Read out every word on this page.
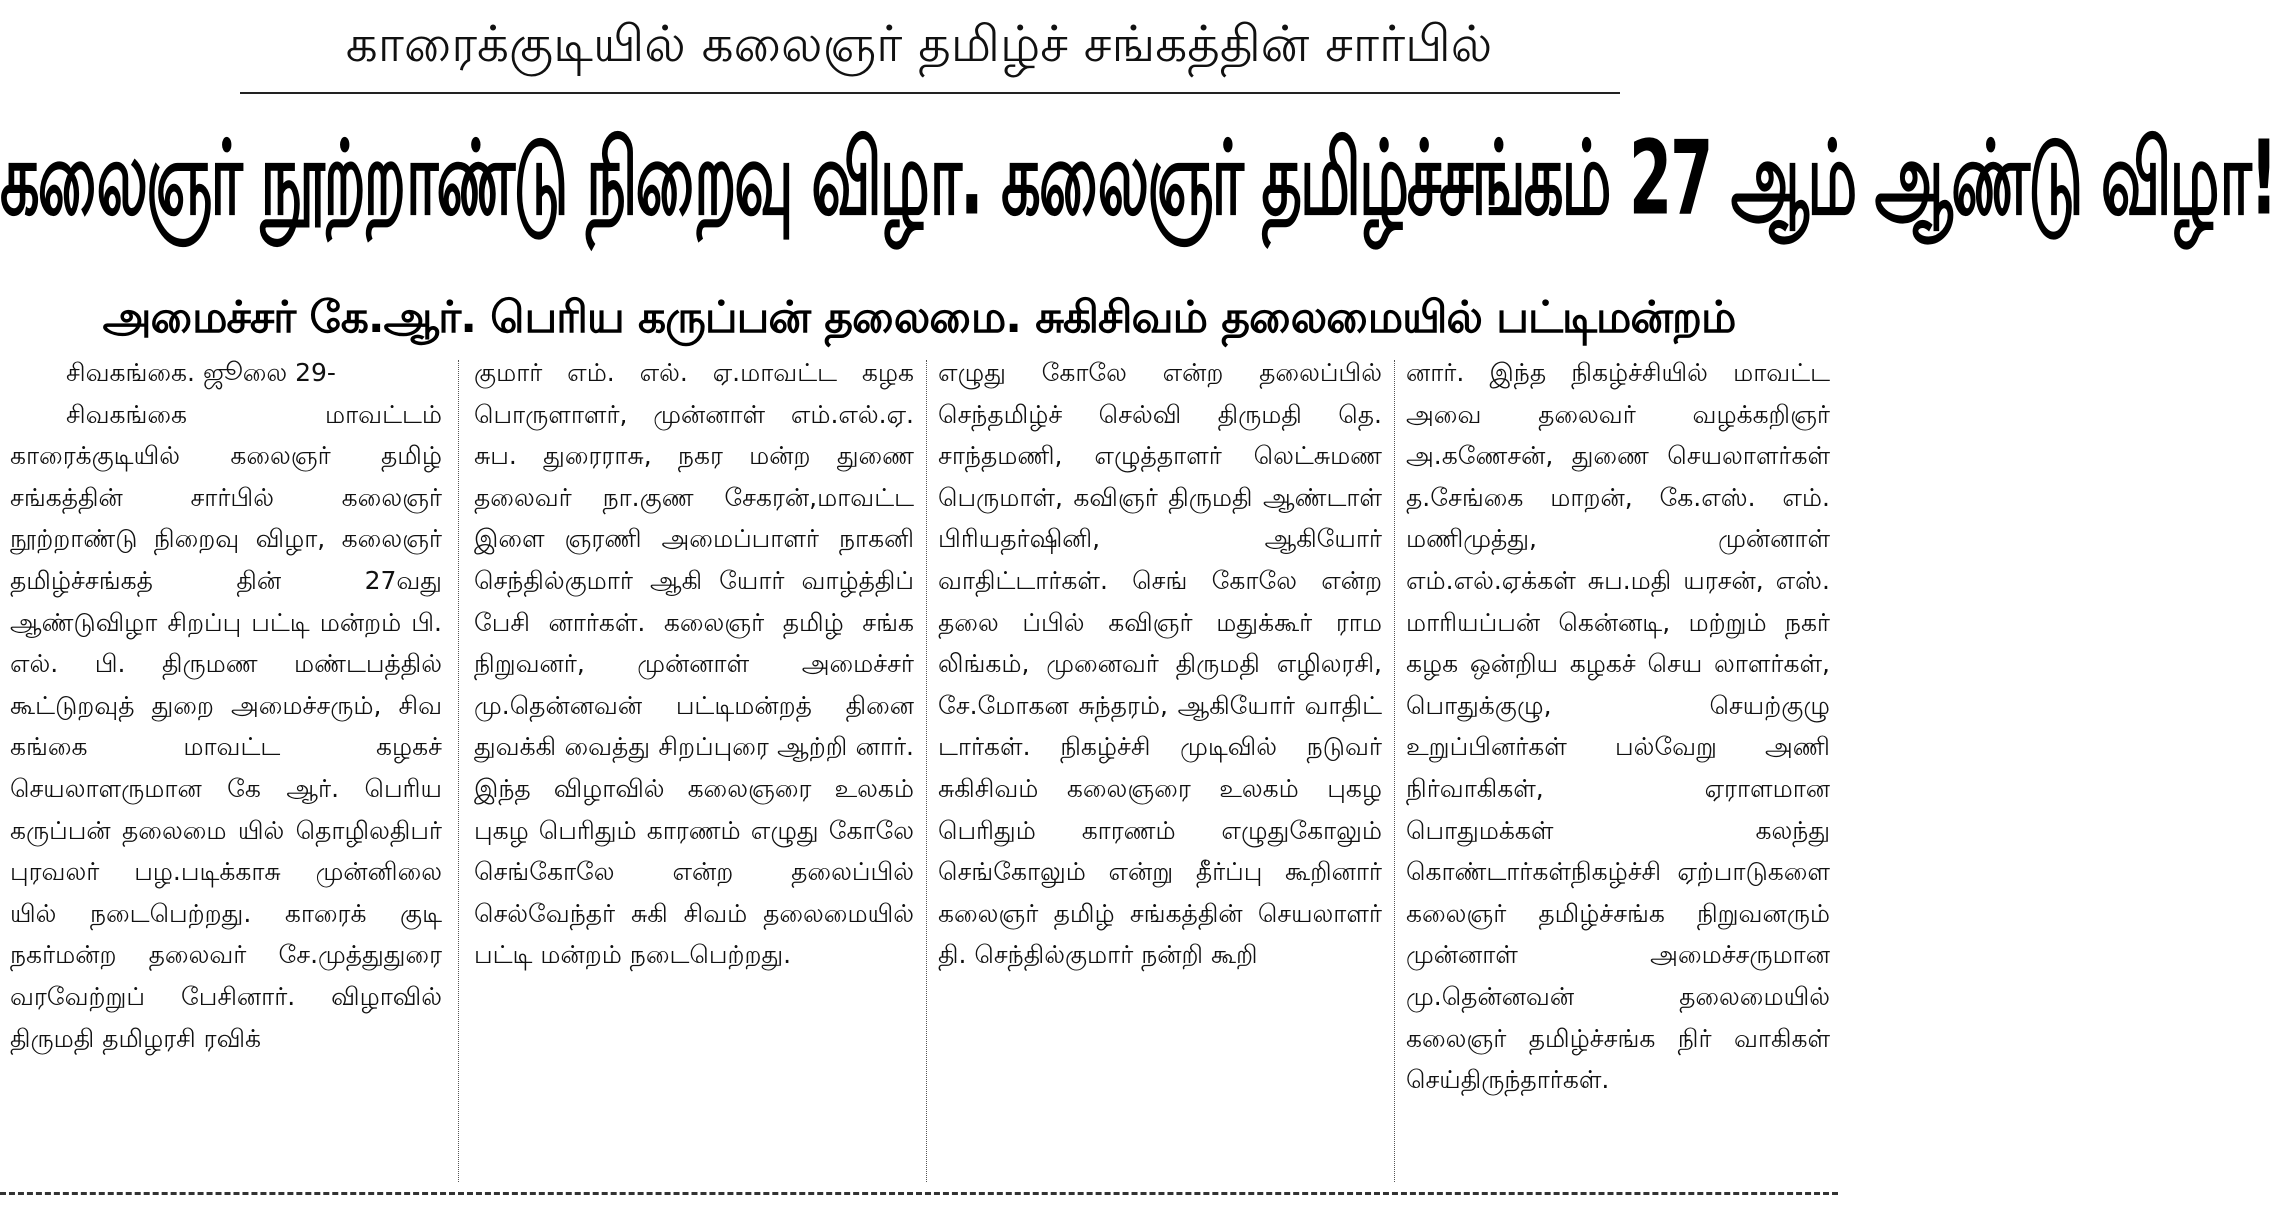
காரைக்குடியில் கலைஞர் தமிழ்ச் சங்கத்தின் சார்பில்
கலைஞர் நூற்றாண்டு நிறைவு விழா. கலைஞர் தமிழ்ச்சங்கம் 27 ஆம் ஆண்டு விழா!
அமைச்சர் கே.ஆர். பெரிய கருப்பன் தலைமை. சுகிசிவம் தலைமையில் பட்டிமன்றம்

சிவகங்கை. ஜூலை 29-

சிவகங்கை மாவட்டம் காரைக்குடியில் கலைஞர் தமிழ் சங்கத்தின் சார்பில் கலைஞர் நூற்றாண்டு நிறைவு விழா, கலைஞர் தமிழ்ச்சங்கத் தின் 27வது ஆண்டுவிழா சிறப்பு பட்டி மன்றம் பி. எல். பி. திருமண மண்டபத்தில் கூட்டுறவுத் துறை அமைச்சரும், சிவ கங்கை மாவட்ட கழகச் செயலாளருமான கே ஆர். பெரிய கருப்பன் தலைமை யில் தொழிலதிபர் புரவலர் பழ.படிக்காசு முன்னிலை யில் நடைபெற்றது. காரைக் குடி நகர்மன்ற தலைவர் சே.முத்துதுரை வரவேற்றுப் பேசினார். விழாவில் திருமதி தமிழரசி ரவிக்

குமார் எம். எல். ஏ.மாவட்ட கழக பொருளாளர், முன்னாள் எம்.எல்.ஏ. சுப. துரைராசு, நகர மன்ற துணை தலைவர் நா.குண சேகரன்,மாவட்ட இளை ஞரணி அமைப்பாளர் நாகனி செந்தில்குமார் ஆகி யோர் வாழ்த்திப் பேசி னார்கள். கலைஞர் தமிழ் சங்க நிறுவனர், முன்னாள் அமைச்சர் மு.தென்னவன் பட்டிமன்றத் தினை துவக்கி வைத்து சிறப்புரை ஆற்றி னார். இந்த விழாவில் கலைஞரை உலகம் புகழ பெரிதும் காரணம் எழுது கோலே செங்கோலே என்ற தலைப்பில் செல்வேந்தர் சுகி சிவம் தலைமையில் பட்டி மன்றம் நடைபெற்றது.

எழுது கோலே என்ற தலைப்பில் செந்தமிழ்ச் செல்வி திருமதி தெ. சாந்தமணி, எழுத்தாளர் லெட்சுமண பெருமாள், கவிஞர் திருமதி ஆண்டாள் பிரியதர்ஷினி, ஆகியோர் வாதிட்டார்கள். செங் கோலே என்ற தலை ப்பில் கவிஞர் மதுக்கூர் ராம லிங்கம், முனைவர் திருமதி எழிலரசி, சே.மோகன சுந்தரம், ஆகியோர் வாதிட் டார்கள். நிகழ்ச்சி முடிவில் நடுவர் சுகிசிவம் கலைஞரை உலகம் புகழ பெரிதும் காரணம் எழுதுகோலும் செங்கோலும் என்று தீர்ப்பு கூறினார் கலைஞர் தமிழ் சங்கத்தின் செயலாளர் தி. செந்தில்குமார் நன்றி கூறி

னார். இந்த நிகழ்ச்சியில் மாவட்ட அவை தலைவர் வழக்கறிஞர் அ.கணேசன், துணை செயலாளர்கள் த.சேங்கை மாறன், கே.எஸ். எம். மணிமுத்து, முன்னாள் எம்.எல்.ஏக்கள் சுப.மதி யரசன், எஸ். மாரியப்பன் கென்னடி, மற்றும் நகர் கழக ஒன்றிய கழகச் செய லாளர்கள், பொதுக்குழு, செயற்குழு உறுப்பினர்கள் பல்வேறு அணி நிர்வாகிகள், ஏராளமான பொதுமக்கள் கலந்து கொண்டார்கள்நிகழ்ச்சி ஏற்பாடுகளை கலைஞர் தமிழ்ச்சங்க நிறுவனரும் முன்னாள் அமைச்சருமான மு.தென்னவன் தலைமையில் கலைஞர் தமிழ்ச்சங்க நிர் வாகிகள் செய்திருந்தார்கள்.
